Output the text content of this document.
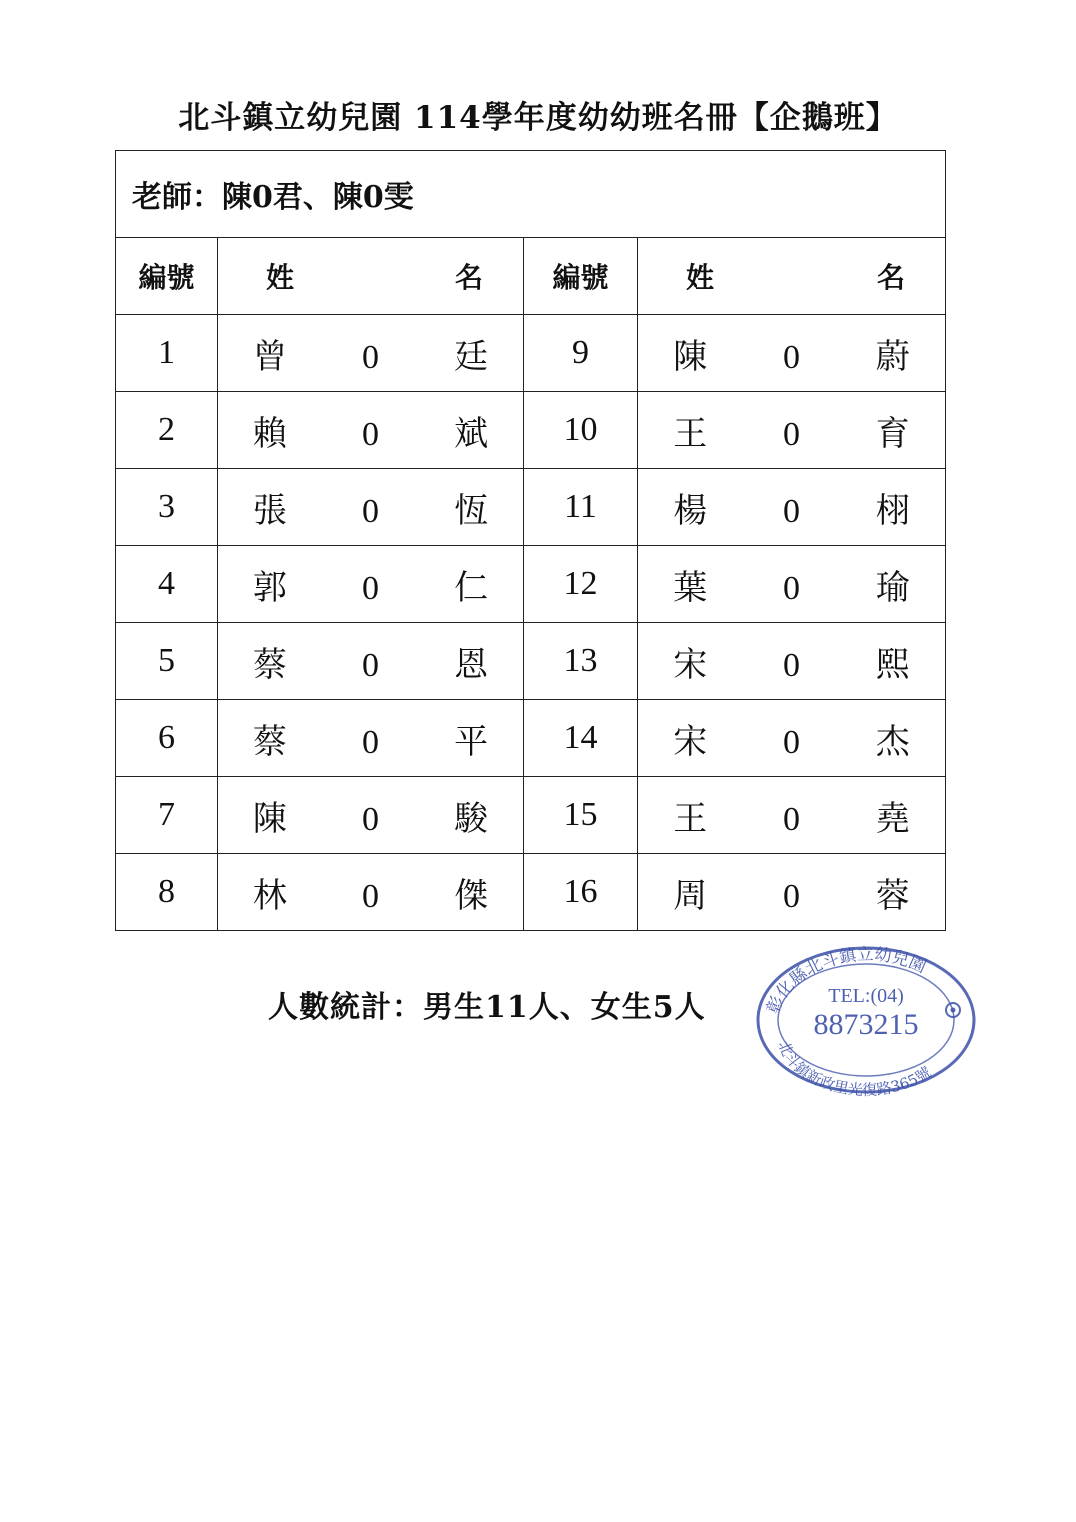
北斗鎮立幼兒園 114學年度幼幼班名冊【企鵝班】
老師：陳0君、陳0雯			
編號	姓 名	編號	姓 名

1	曾 0 廷	9	陳 0 蔚
2	賴 0 斌	10	王 0 育
3	張 0 恆	11	楊 0 栩
4	郭 0 仁	12	葉 0 瑜
5	蔡 0 恩	13	宋 0 熙
6	蔡 0 平	14	宋 0 杰
7	陳 0 駿	15	王 0 堯
8	林 0 傑	16	周 0 蓉
人數統計：男生11人、女生5人	彰化縣北斗鎮立幼兒園
北斗鎮新政里光復路365號
TEL:(04)
8873215
